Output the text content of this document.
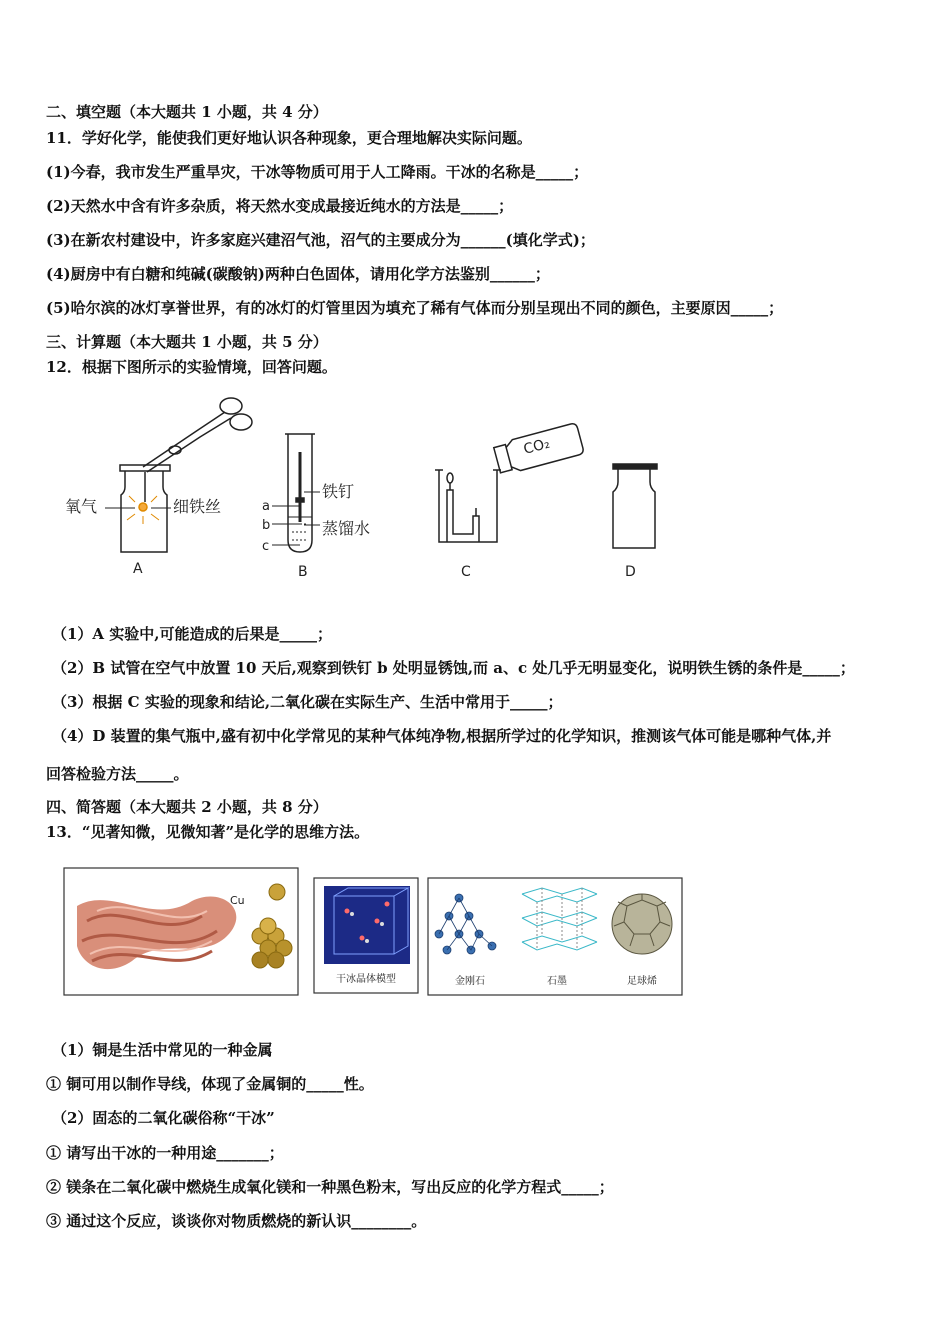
二、填空题（本大题共 1 小题，共 4 分）
11．学好化学，能使我们更好地认识各种现象，更合理地解决实际问题。
(1)今春，我市发生严重旱灾，干冰等物质可用于人工降雨。干冰的名称是_____；
(2)天然水中含有许多杂质，将天然水变成最接近纯水的方法是_____；
(3)在新农村建设中，许多家庭兴建沼气池，沼气的主要成分为______(填化学式)；
(4)厨房中有白糖和纯碱(碳酸钠)两种白色固体，请用化学方法鉴别______；
(5)哈尔滨的冰灯享誉世界，有的冰灯的灯管里因为填充了稀有气体而分别呈现出不同的颜色，主要原因_____；
三、计算题（本大题共 1 小题，共 5 分）
12．根据下图所示的实验情境，回答问题。
氧气	细铁丝
铁钉
蒸馏水
a
b
c
CO₂
A	B	C	D
（1）A 实验中,可能造成的后果是_____；
（2）B 试管在空气中放置 10 天后,观察到铁钉 b 处明显锈蚀,而 a、c 处几乎无明显变化，说明铁生锈的条件是_____；
（3）根据 C 实验的现象和结论,二氧化碳在实际生产、生活中常用于_____；
（4）D 装置的集气瓶中,盛有初中化学常见的某种气体纯净物,根据所学过的化学知识，推测该气体可能是哪种气体,并
回答检验方法_____。
四、简答题（本大题共 2 小题，共 8 分）
13．“见著知微，见微知著”是化学的思维方法。
Cu
干冰晶体模型	金刚石	石墨	足球烯
（1）铜是生活中常见的一种金属
① 铜可用以制作导线，体现了金属铜的_____性。
（2）固态的二氧化碳俗称“干冰”
① 请写出干冰的一种用途_______；
② 镁条在二氧化碳中燃烧生成氧化镁和一种黑色粉末，写出反应的化学方程式_____；
③ 通过这个反应，谈谈你对物质燃烧的新认识________。
